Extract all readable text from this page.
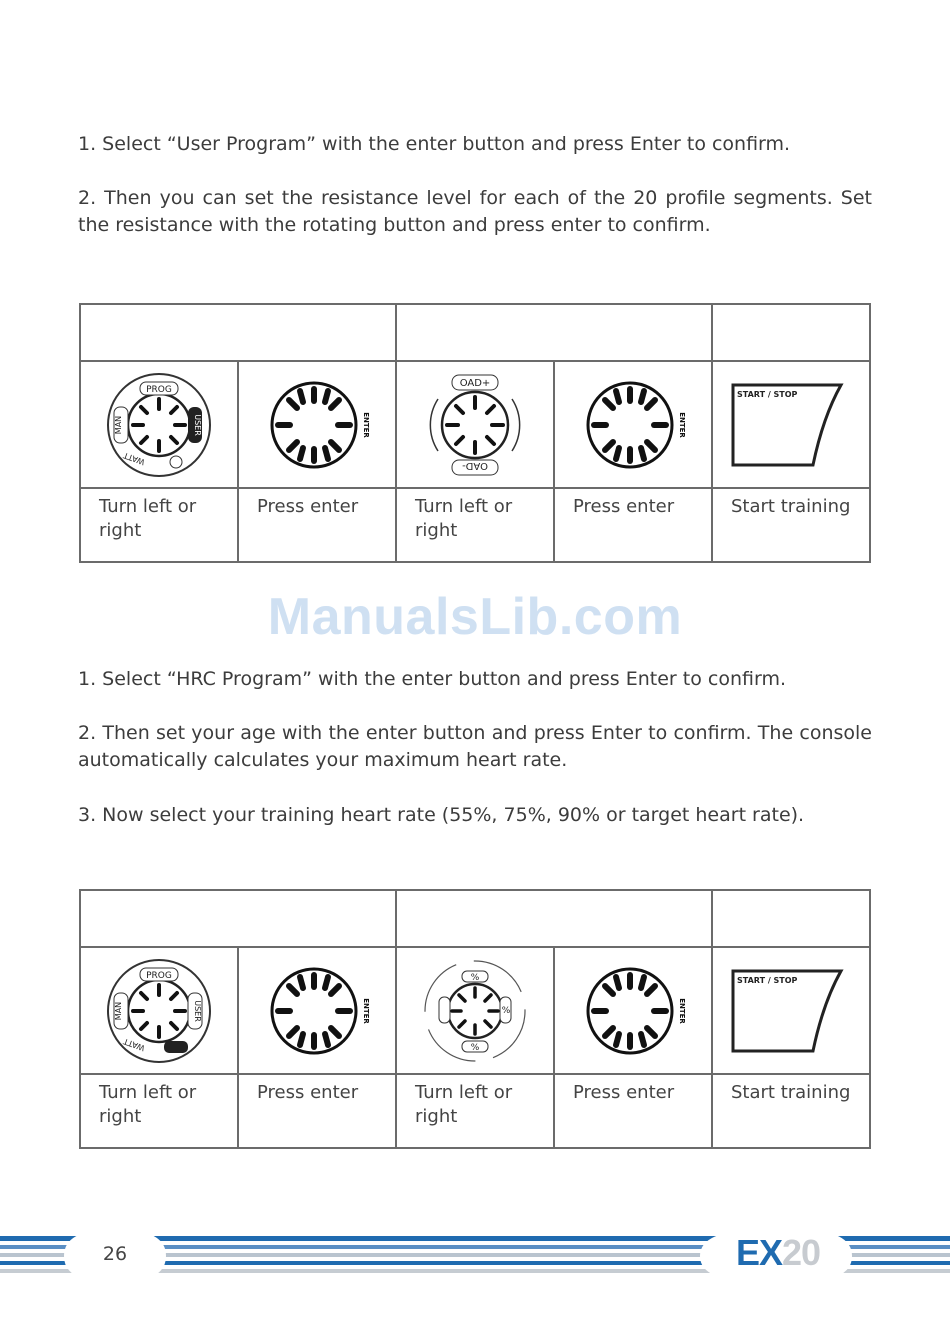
1. Select “User Program” with the enter button and press Enter to confirm.

2. Then you can set the resistance level for each of the 20 profile segments. Set the resistance with the rotating button and press enter to confirm.

PROG
USER
MAN
WATT	ENTER	OAD+
OAD-	ENTER	START / STOP

Turn left or right	Press enter	Turn left or right	Press enter	Start training
ManualsLib.com

1. Select “HRC Program” with the enter button and press Enter to confirm.

2. Then set your age with the enter button and press Enter to confirm. The console automatically calculates your maximum heart rate.

3. Now select your training heart rate (55%, 75%, 90% or target heart rate).

PROG
USER
MAN
WATT	ENTER	%
%
%	ENTER	START / STOP

Turn left or right	Press enter	Turn left or right	Press enter	Start training
26	EX20
